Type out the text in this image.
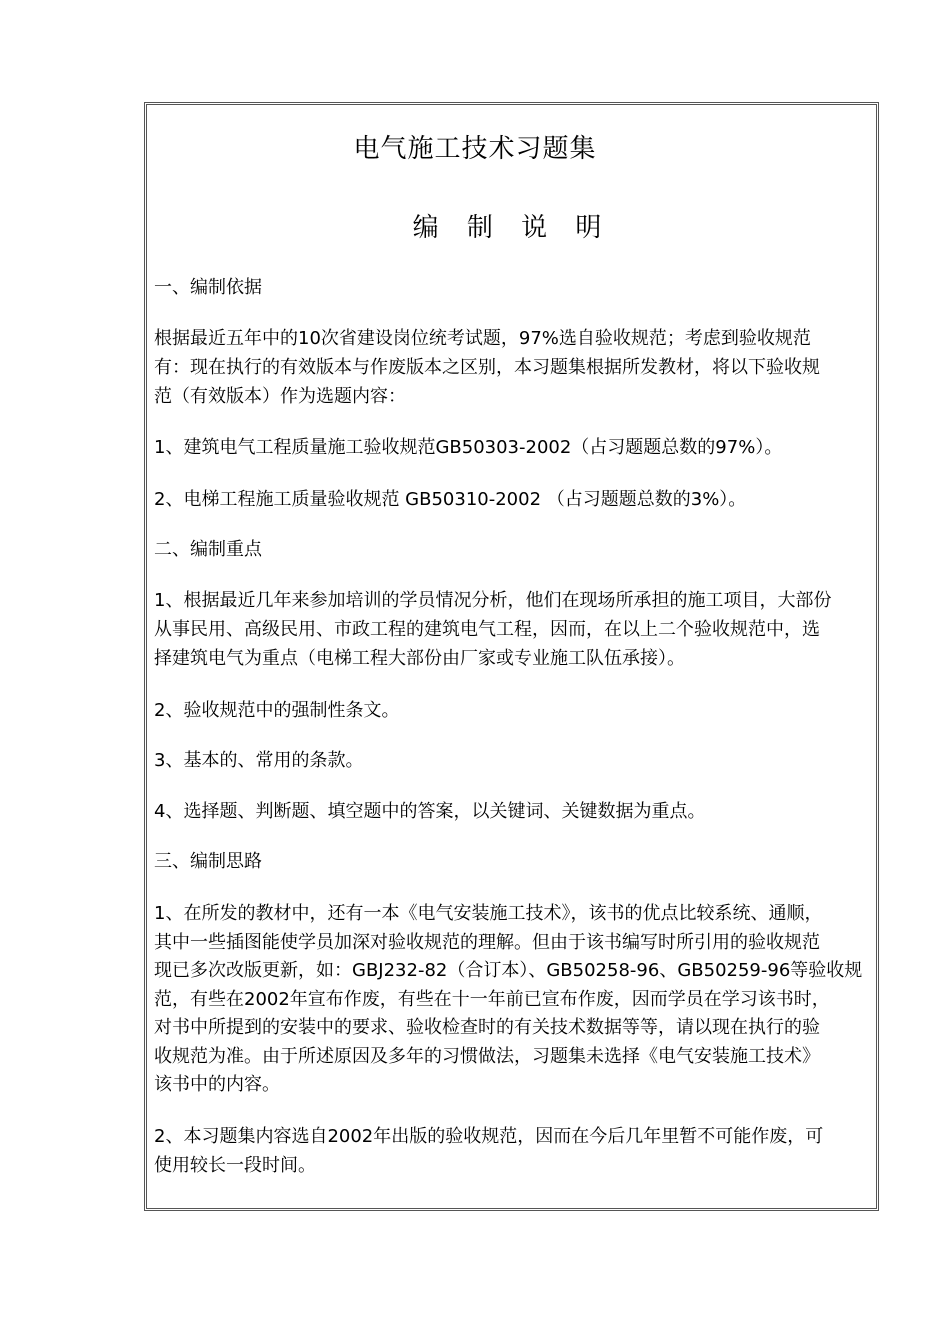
电气施工技术习题集
编 制 说 明
一、编制依据
根据最近五年中的10次省建设岗位统考试题，97%选自验收规范；考虑到验收规范
有：现在执行的有效版本与作废版本之区别，本习题集根据所发教材，将以下验收规
范（有效版本）作为选题内容：
1、建筑电气工程质量施工验收规范GB50303-2002（占习题题总数的97%）。
2、电梯工程施工质量验收规范 GB50310-2002 （占习题题总数的3%）。
二、编制重点
1、根据最近几年来参加培训的学员情况分析，他们在现场所承担的施工项目，大部份
从事民用、高级民用、市政工程的建筑电气工程，因而，在以上二个验收规范中，选
择建筑电气为重点（电梯工程大部份由厂家或专业施工队伍承接）。
2、验收规范中的强制性条文。
3、基本的、常用的条款。
4、选择题、判断题、填空题中的答案，以关键词、关键数据为重点。
三、编制思路
1、在所发的教材中，还有一本《电气安装施工技术》，该书的优点比较系统、通顺，
其中一些插图能使学员加深对验收规范的理解。但由于该书编写时所引用的验收规范
现已多次改版更新，如：GBJ232-82（合订本）、GB50258-96、GB50259-96等验收规
范，有些在2002年宣布作废，有些在十一年前已宣布作废，因而学员在学习该书时，
对书中所提到的安装中的要求、验收检查时的有关技术数据等等，请以现在执行的验
收规范为准。由于所述原因及多年的习惯做法，习题集未选择《电气安装施工技术》
该书中的内容。
2、本习题集内容选自2002年出版的验收规范，因而在今后几年里暂不可能作废，可
使用较长一段时间。
